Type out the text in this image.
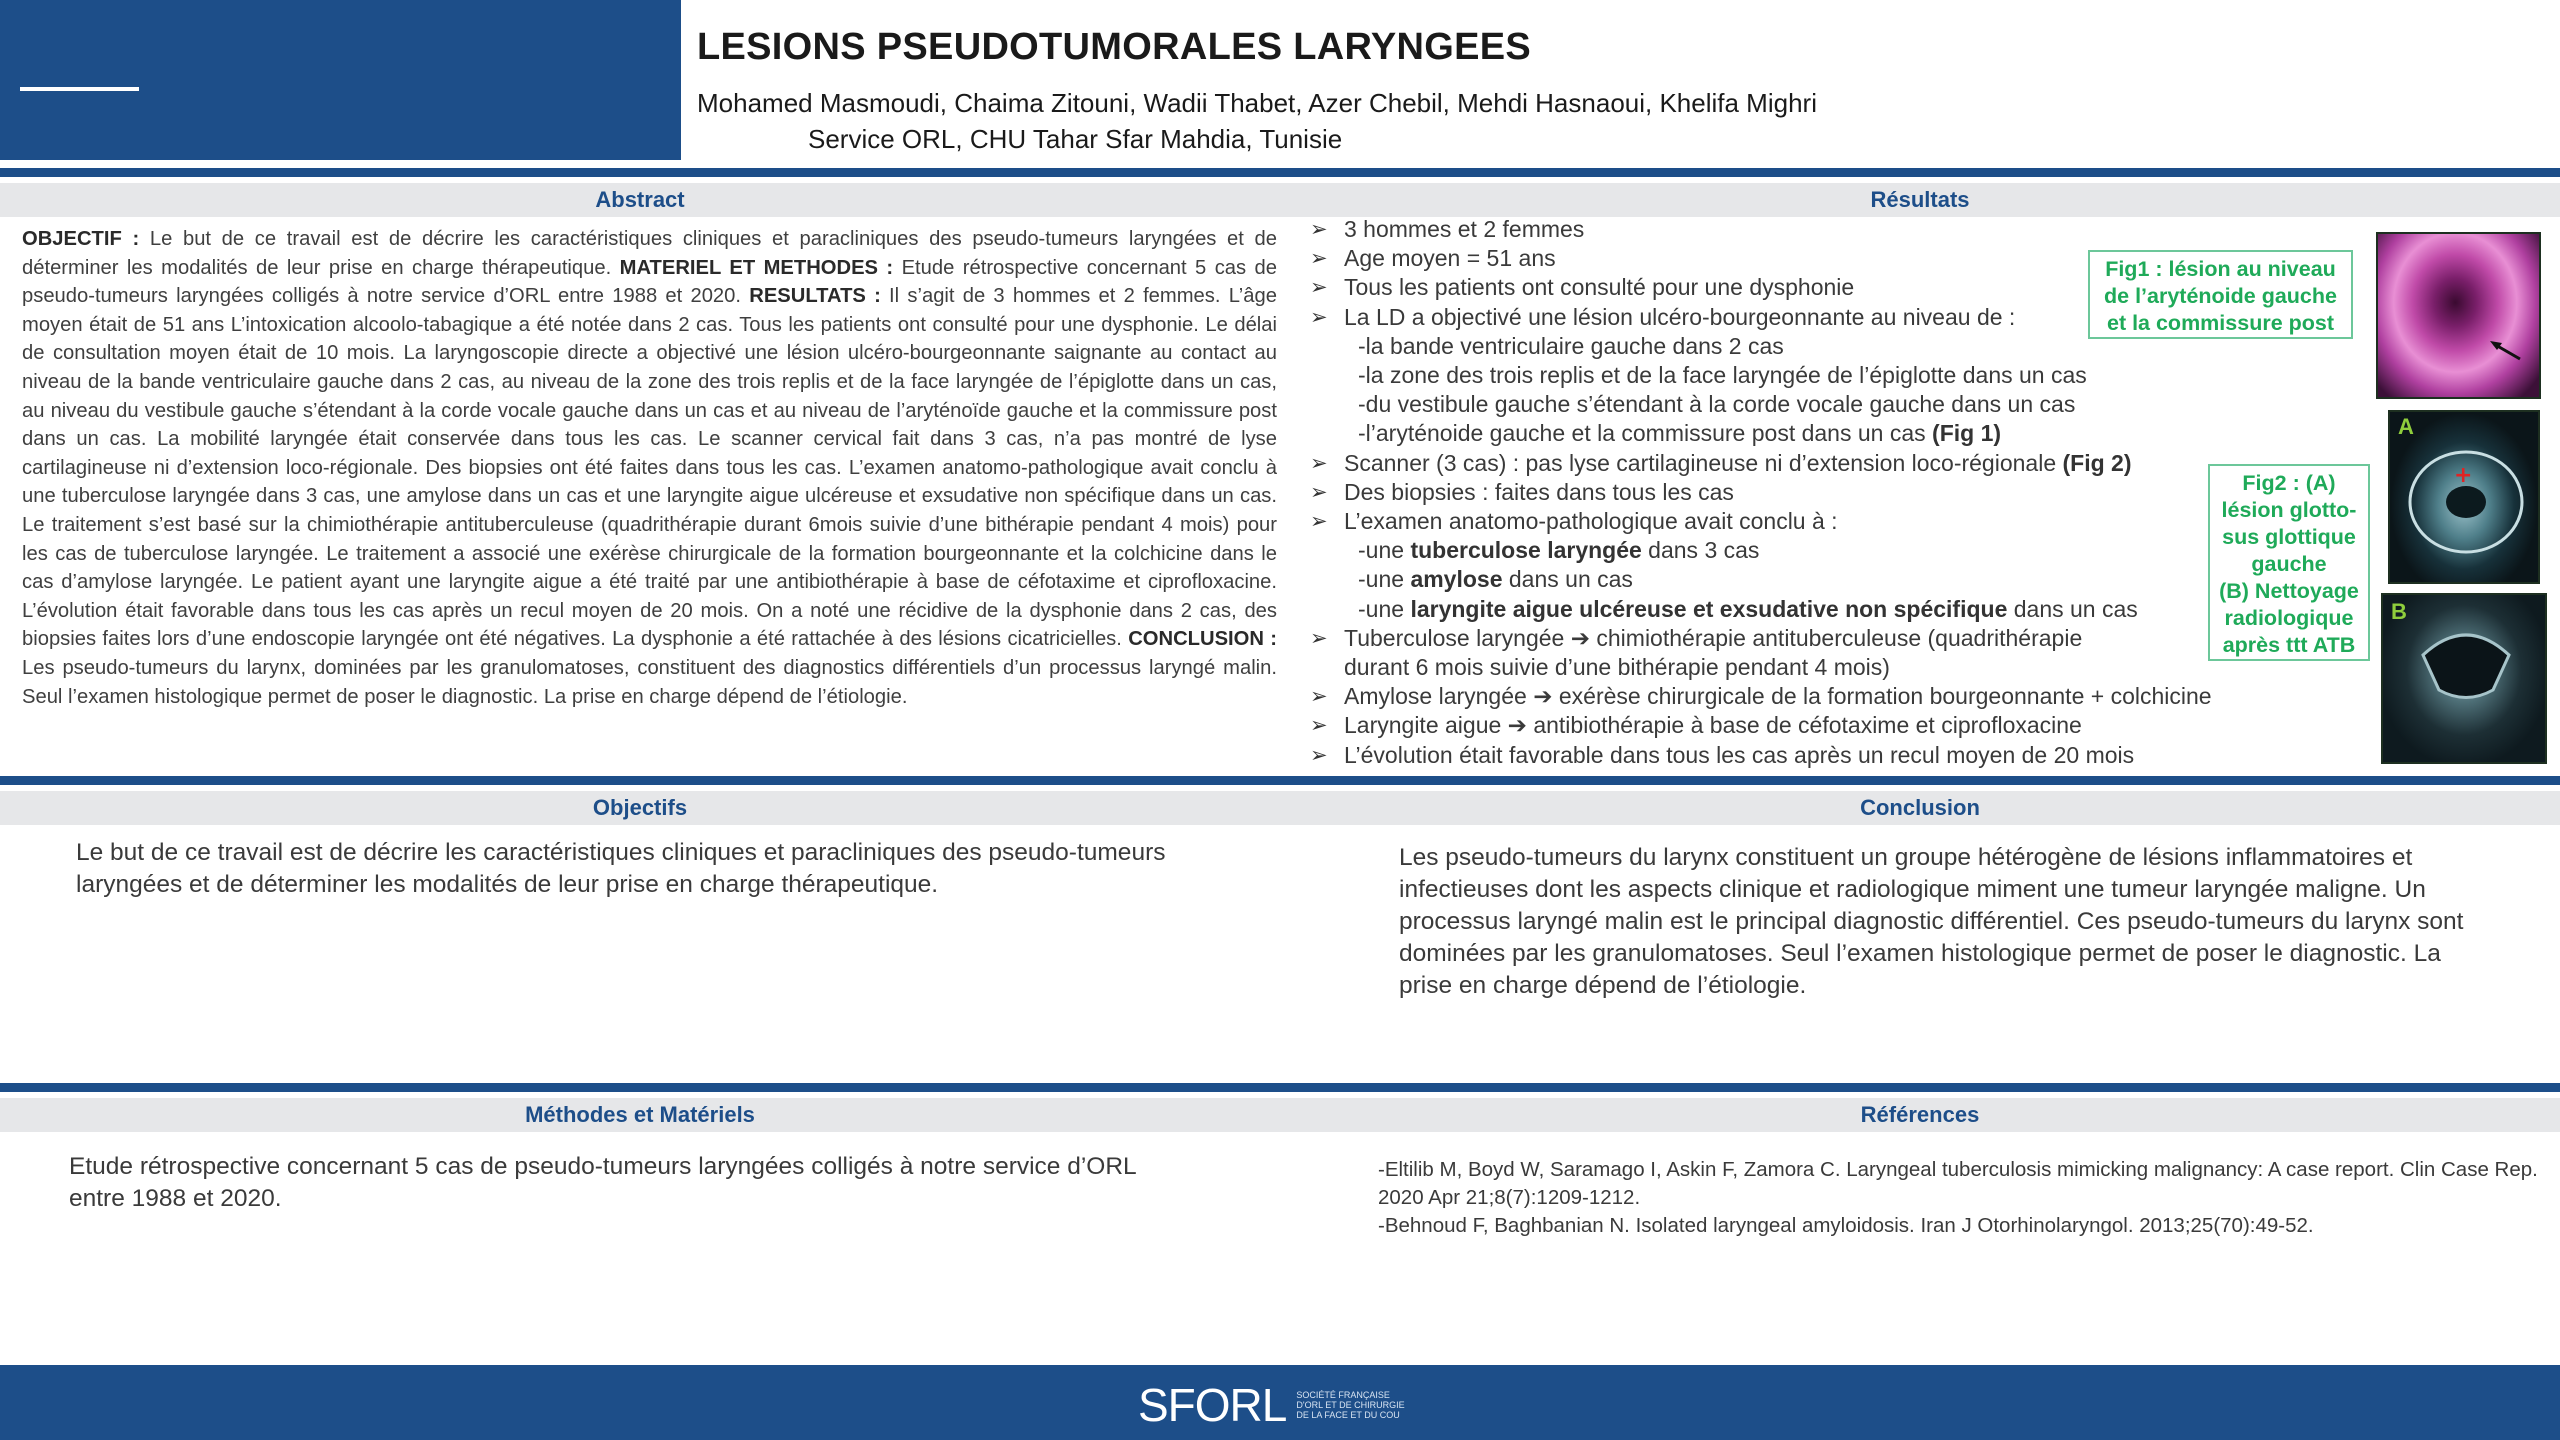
LESIONS PSEUDOTUMORALES LARYNGEES
Mohamed Masmoudi, Chaima Zitouni, Wadii Thabet, Azer Chebil, Mehdi Hasnaoui, Khelifa Mighri
Service ORL, CHU Tahar Sfar Mahdia, Tunisie
Abstract	Résultats
OBJECTIF : Le but de ce travail est de décrire les caractéristiques cliniques et paracliniques des pseudo-tumeurs laryngées et de déterminer les modalités de leur prise en charge thérapeutique. MATERIEL ET METHODES : Etude rétrospective concernant 5 cas de pseudo-tumeurs laryngées colligés à notre service d’ORL entre 1988 et 2020. RESULTATS : Il s’agit de 3 hommes et 2 femmes. L’âge moyen était de 51 ans L’intoxication alcoolo-tabagique a été notée dans 2 cas. Tous les patients ont consulté pour une dysphonie. Le délai de consultation moyen était de 10 mois. La laryngoscopie directe a objectivé une lésion ulcéro-bourgeonnante saignante au contact au niveau de la bande ventriculaire gauche dans 2 cas, au niveau de la zone des trois replis et de la face laryngée de l’épiglotte dans un cas, au niveau du vestibule gauche s’étendant à la corde vocale gauche dans un cas et au niveau de l’aryténoïde gauche et la commissure post dans un cas. La mobilité laryngée était conservée dans tous les cas. Le scanner cervical fait dans 3 cas, n’a pas montré de lyse cartilagineuse ni d’extension loco-régionale. Des biopsies ont été faites dans tous les cas. L’examen anatomo-pathologique avait conclu à une tuberculose laryngée dans 3 cas, une amylose dans un cas et une laryngite aigue ulcéreuse et exsudative non spécifique dans un cas. Le traitement s’est basé sur la chimiothérapie antituberculeuse (quadrithérapie durant 6mois suivie d’une bithérapie pendant 4 mois) pour les cas de tuberculose laryngée. Le traitement a associé une exérèse chirurgicale de la formation bourgeonnante et la colchicine dans le cas d’amylose laryngée. Le patient ayant une laryngite aigue a été traité par une antibiothérapie à base de céfotaxime et ciprofloxacine. L’évolution était favorable dans tous les cas après un recul moyen de 20 mois. On a noté une récidive de la dysphonie dans 2 cas, des biopsies faites lors d’une endoscopie laryngée ont été négatives. La dysphonie a été rattachée à des lésions cicatricielles. CONCLUSION : Les pseudo-tumeurs du larynx, dominées par les granulomatoses, constituent des diagnostics différentiels d’un processus laryngé malin. Seul l’examen histologique permet de poser le diagnostic. La prise en charge dépend de l’étiologie.
➢ 3 hommes et 2 femmes
➢ Age moyen = 51 ans
➢ Tous les patients ont consulté pour une dysphonie
➢ La LD a objectivé une lésion ulcéro-bourgeonnante au niveau de :
-la bande ventriculaire gauche dans 2 cas
-la zone des trois replis et de la face laryngée de l’épiglotte dans un cas
-du vestibule gauche s’étendant à la corde vocale gauche dans un cas
-l’aryténoide gauche et la commissure post dans un cas (Fig 1)
➢ Scanner (3 cas) : pas lyse cartilagineuse ni d’extension loco-régionale (Fig 2)
➢ Des biopsies : faites dans tous les cas
➢ L’examen anatomo-pathologique avait conclu à :
-une tuberculose laryngée dans 3 cas
-une amylose dans un cas
-une laryngite aigue ulcéreuse et exsudative non spécifique dans un cas
➢ Tuberculose laryngée ➔ chimiothérapie antituberculeuse (quadrithérapie
durant 6 mois suivie d’une bithérapie pendant 4 mois)
➢ Amylose laryngée ➔ exérèse chirurgicale de la formation bourgeonnante + colchicine
➢ Laryngite aigue ➔ antibiothérapie à base de céfotaxime et ciprofloxacine
➢ L’évolution était favorable dans tous les cas après un recul moyen de 20 mois
Fig1 : lésion au niveau
de l’aryténoide gauche
et la commissure post
Fig2 : (A)
lésion glotto-
sus glottique
gauche
(B) Nettoyage
radiologique
après ttt ATB
A
+
B
Objectifs	Conclusion
Le but de ce travail est de décrire les caractéristiques cliniques et paracliniques des pseudo-tumeurs laryngées et de déterminer les modalités de leur prise en charge thérapeutique.
Les pseudo-tumeurs du larynx constituent un groupe hétérogène de lésions inflammatoires et infectieuses dont les aspects clinique et radiologique miment une tumeur laryngée maligne. Un processus laryngé malin est le principal diagnostic différentiel. Ces pseudo-tumeurs du larynx sont dominées par les granulomatoses. Seul l’examen histologique permet de poser le diagnostic. La prise en charge dépend de l’étiologie.
Méthodes et Matériels	Références
Etude rétrospective concernant 5 cas de pseudo-tumeurs laryngées colligés à notre service d’ORL entre 1988 et 2020.
-Eltilib M, Boyd W, Saramago I, Askin F, Zamora C. Laryngeal tuberculosis mimicking malignancy: A case report. Clin Case Rep. 2020 Apr 21;8(7):1209-1212.
-Behnoud F, Baghbanian N. Isolated laryngeal amyloidosis. Iran J Otorhinolaryngol. 2013;25(70):49-52.
SFORL SOCIÉTÉ FRANÇAISE
D'ORL ET DE CHIRURGIE
DE LA FACE ET DU COU
